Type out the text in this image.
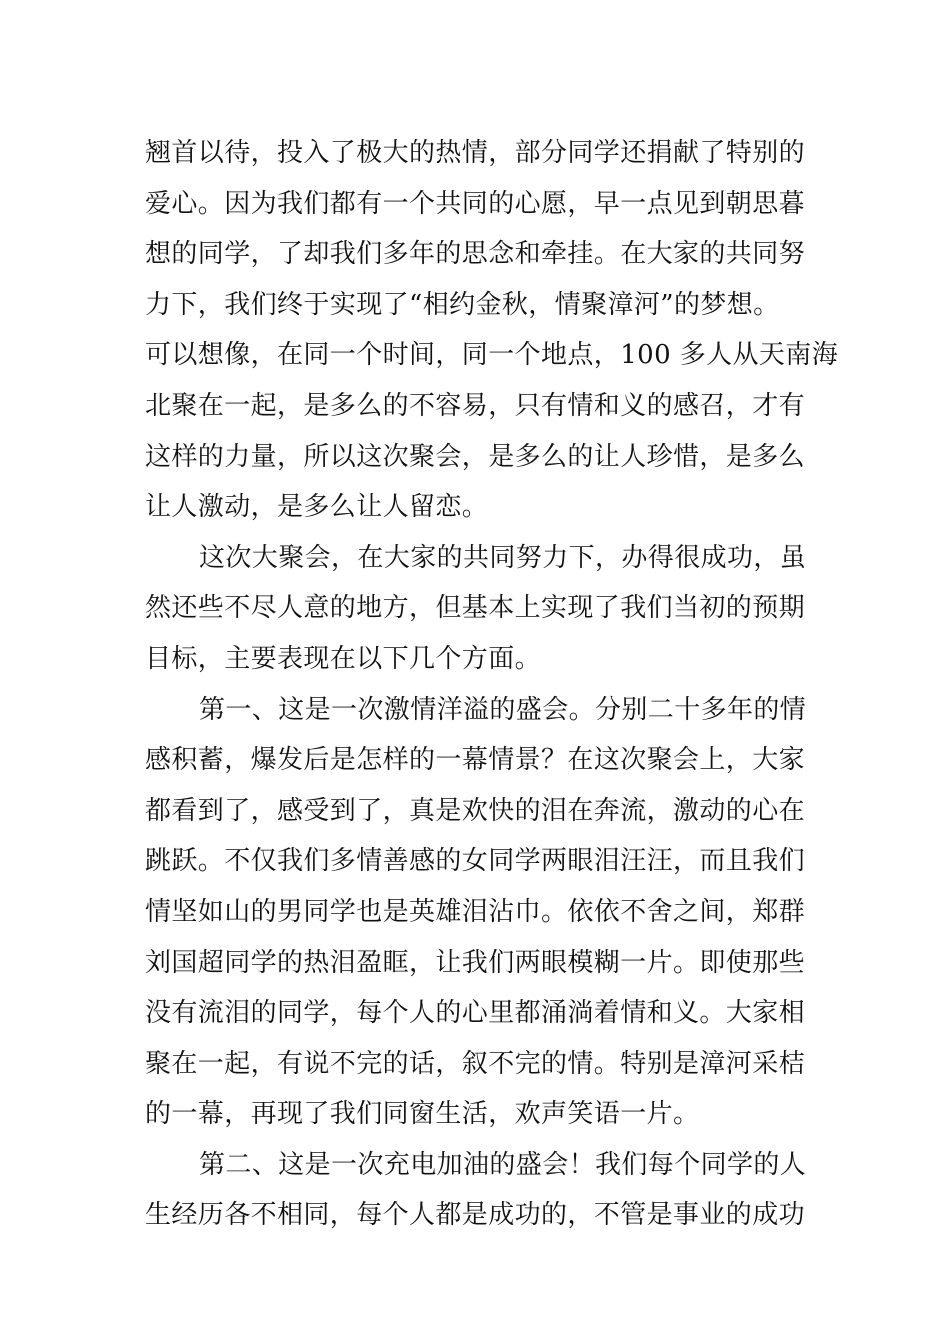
翘首以待，投入了极大的热情，部分同学还捐献了特别的
爱心。因为我们都有一个共同的心愿，早一点见到朝思暮
想的同学，了却我们多年的思念和牵挂。在大家的共同努
力下，我们终于实现了“相约金秋，情聚漳河”的梦想。
可以想像，在同一个时间，同一个地点，100 多人从天南海
北聚在一起，是多么的不容易，只有情和义的感召，才有
这样的力量，所以这次聚会，是多么的让人珍惜，是多么
让人激动，是多么让人留恋。
这次大聚会，在大家的共同努力下，办得很成功，虽
然还些不尽人意的地方，但基本上实现了我们当初的预期
目标，主要表现在以下几个方面。
第一、这是一次激情洋溢的盛会。分别二十多年的情
感积蓄，爆发后是怎样的一幕情景？在这次聚会上，大家
都看到了，感受到了，真是欢快的泪在奔流，激动的心在
跳跃。不仅我们多情善感的女同学两眼泪汪汪，而且我们
情坚如山的男同学也是英雄泪沾巾。依依不舍之间，郑群
刘国超同学的热泪盈眶，让我们两眼模糊一片。即使那些
没有流泪的同学，每个人的心里都涌淌着情和义。大家相
聚在一起，有说不完的话，叙不完的情。特别是漳河采桔
的一幕，再现了我们同窗生活，欢声笑语一片。
第二、这是一次充电加油的盛会！我们每个同学的人
生经历各不相同，每个人都是成功的，不管是事业的成功
